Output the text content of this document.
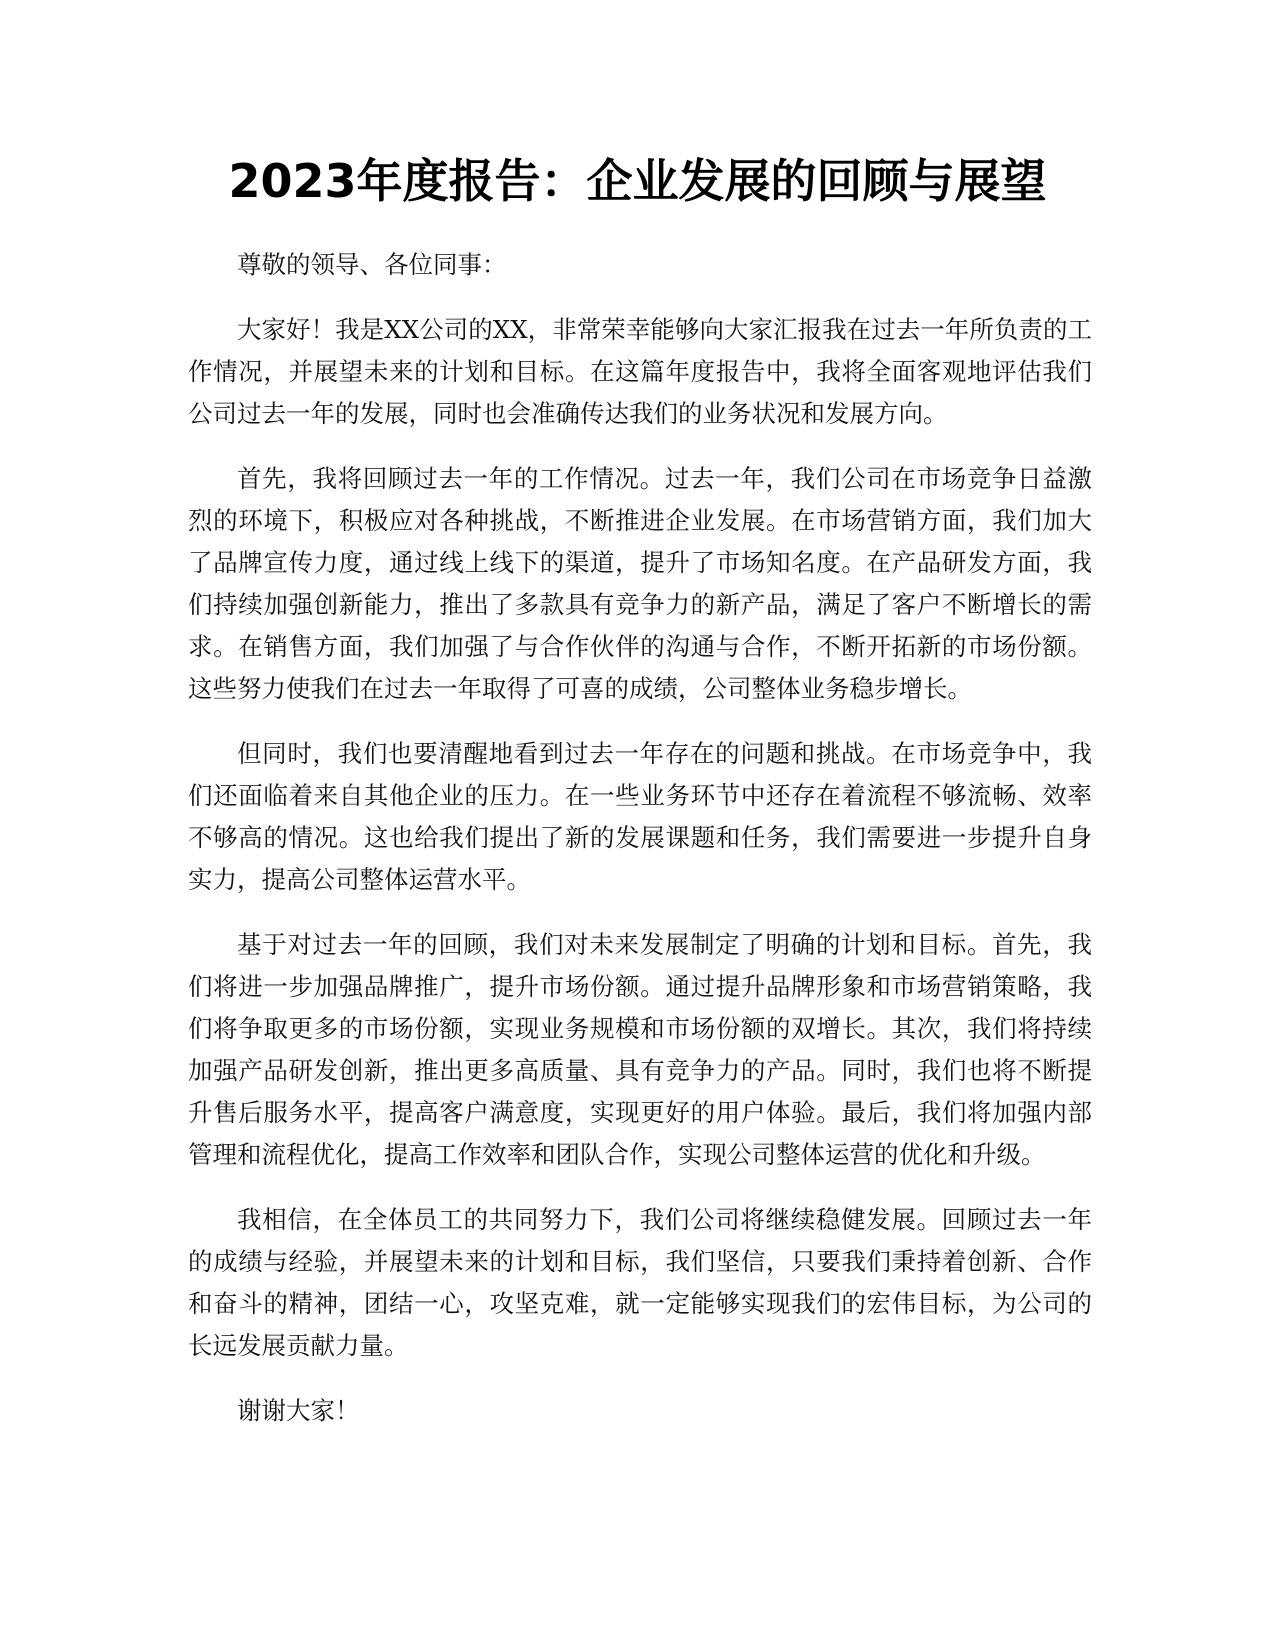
2023年度报告：企业发展的回顾与展望

尊敬的领导、各位同事：

大家好！我是XX公司的XX，非常荣幸能够向大家汇报我在过去一年所负责的工作情况，并展望未来的计划和目标。在这篇年度报告中，我将全面客观地评估我们公司过去一年的发展，同时也会准确传达我们的业务状况和发展方向。

首先，我将回顾过去一年的工作情况。过去一年，我们公司在市场竞争日益激烈的环境下，积极应对各种挑战，不断推进企业发展。在市场营销方面，我们加大了品牌宣传力度，通过线上线下的渠道，提升了市场知名度。在产品研发方面，我们持续加强创新能力，推出了多款具有竞争力的新产品，满足了客户不断增长的需求。在销售方面，我们加强了与合作伙伴的沟通与合作，不断开拓新的市场份额。这些努力使我们在过去一年取得了可喜的成绩，公司整体业务稳步增长。

但同时，我们也要清醒地看到过去一年存在的问题和挑战。在市场竞争中，我们还面临着来自其他企业的压力。在一些业务环节中还存在着流程不够流畅、效率不够高的情况。这也给我们提出了新的发展课题和任务，我们需要进一步提升自身实力，提高公司整体运营水平。

基于对过去一年的回顾，我们对未来发展制定了明确的计划和目标。首先，我们将进一步加强品牌推广，提升市场份额。通过提升品牌形象和市场营销策略，我们将争取更多的市场份额，实现业务规模和市场份额的双增长。其次，我们将持续加强产品研发创新，推出更多高质量、具有竞争力的产品。同时，我们也将不断提升售后服务水平，提高客户满意度，实现更好的用户体验。最后，我们将加强内部管理和流程优化，提高工作效率和团队合作，实现公司整体运营的优化和升级。

我相信，在全体员工的共同努力下，我们公司将继续稳健发展。回顾过去一年的成绩与经验，并展望未来的计划和目标，我们坚信，只要我们秉持着创新、合作和奋斗的精神，团结一心，攻坚克难，就一定能够实现我们的宏伟目标，为公司的长远发展贡献力量。

谢谢大家！
